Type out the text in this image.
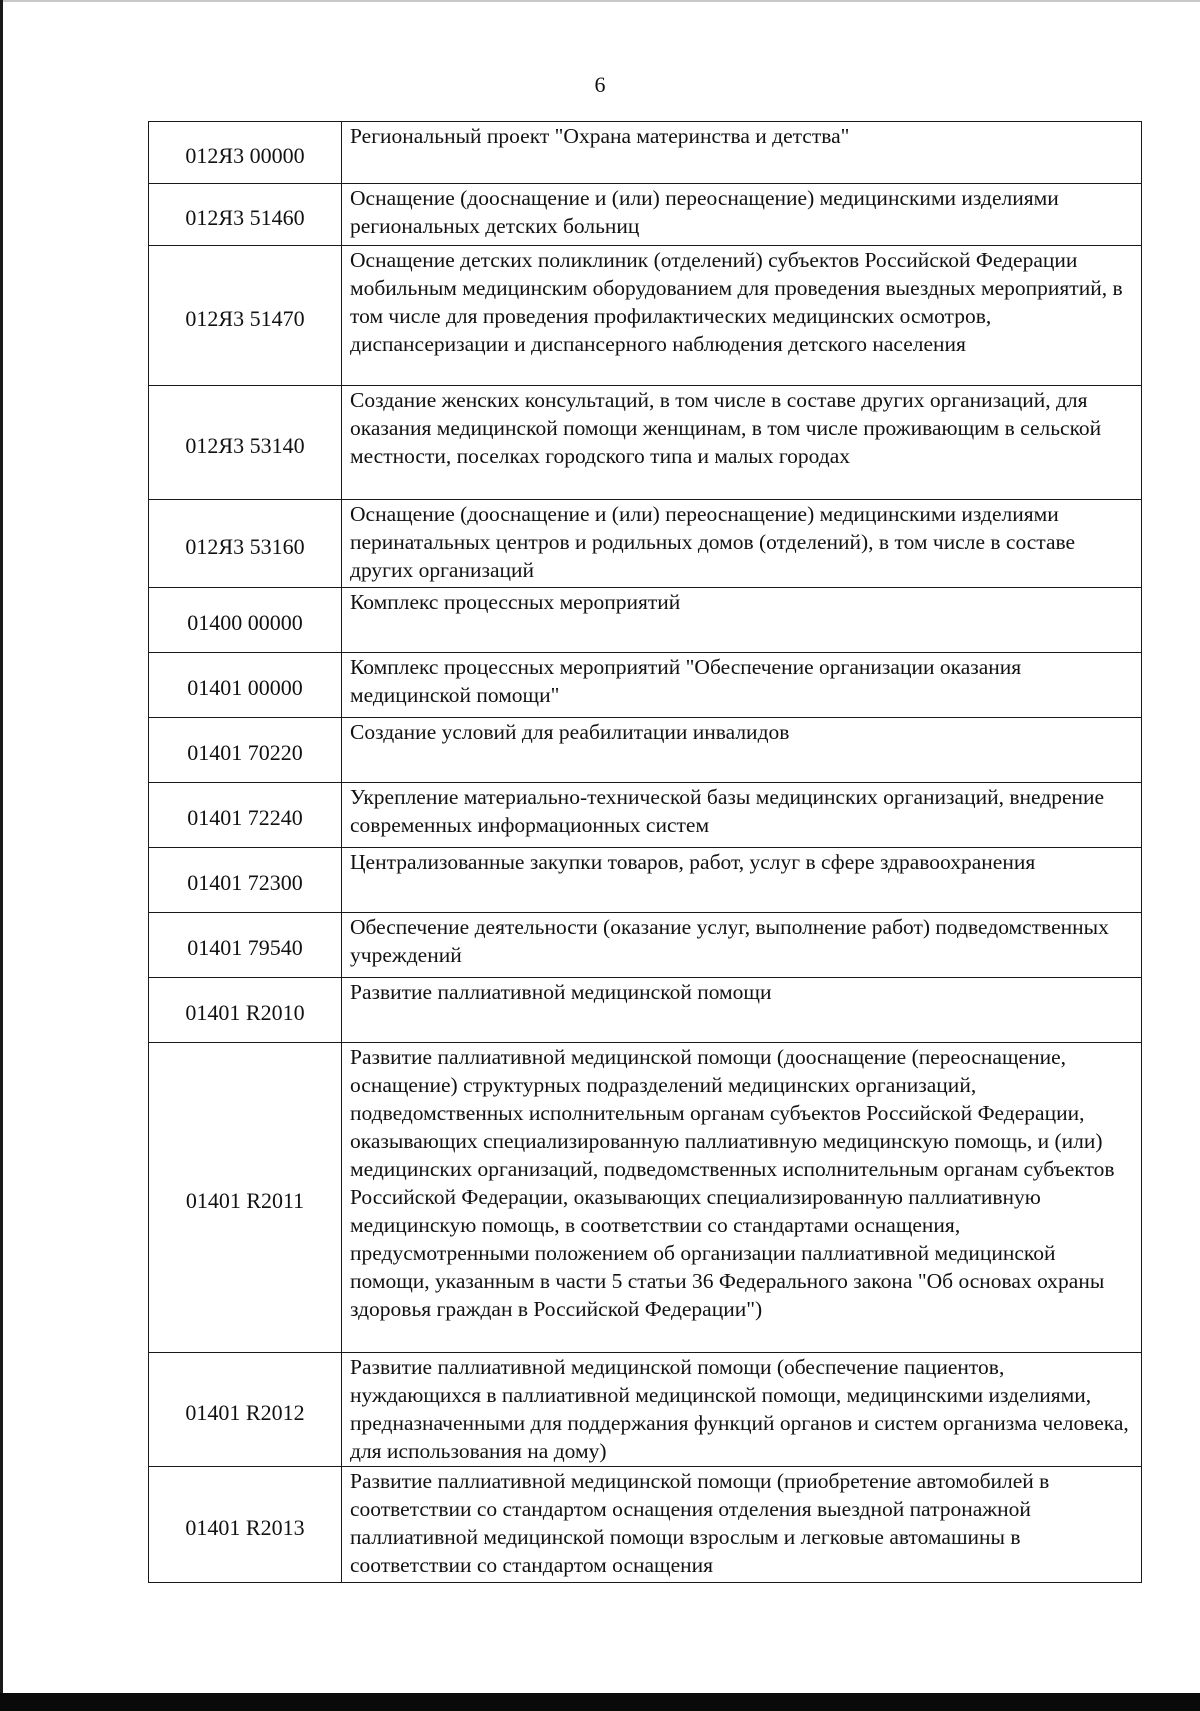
6
012Я3 00000	Региональный проект "Охрана материнства и детства"

012Я3 51460	Оснащение (дооснащение и (или) переоснащение) медицинскими изделиями региональных детских больниц

012Я3 51470	Оснащение детских поликлиник (отделений) субъектов Российской Федерации мобильным медицинским оборудованием для проведения выездных мероприятий, в том числе для проведения профилактических медицинских осмотров, диспансеризации и диспансерного наблюдения детского населения

012Я3 53140	Создание женских консультаций, в том числе в составе других организаций, для оказания медицинской помощи женщинам, в том числе проживающим в сельской местности, поселках городского типа и малых городах

012Я3 53160	Оснащение (дооснащение и (или) переоснащение) медицинскими изделиями перинатальных центров и родильных домов (отделений), в том числе в составе других организаций

01400 00000	Комплекс процессных мероприятий

01401 00000	Комплекс процессных мероприятий "Обеспечение организации оказания медицинской помощи"

01401 70220	Создание условий для реабилитации инвалидов

01401 72240	Укрепление материально-технической базы медицинских организаций, внедрение современных информационных систем

01401 72300	Централизованные закупки товаров, работ, услуг в сфере здравоохранения

01401 79540	Обеспечение деятельности (оказание услуг, выполнение работ) подведомственных учреждений

01401 R2010	Развитие паллиативной медицинской помощи

01401 R2011	Развитие паллиативной медицинской помощи (дооснащение (переоснащение, оснащение) структурных подразделений медицинских организаций, подведомственных исполнительным органам субъектов Российской Федерации, оказывающих специализированную паллиативную медицинскую помощь, и (или) медицинских организаций, подведомственных исполнительным органам субъектов Российской Федерации, оказывающих специализированную паллиативную медицинскую помощь, в соответствии со стандартами оснащения, предусмотренными положением об организации паллиативной медицинской помощи, указанным в части 5 статьи 36 Федерального закона "Об основах охраны здоровья граждан в Российской Федерации")

01401 R2012	Развитие паллиативной медицинской помощи (обеспечение пациентов, нуждающихся в паллиативной медицинской помощи, медицинскими изделиями, предназначенными для поддержания функций органов и систем организма человека, для использования на дому)

01401 R2013	Развитие паллиативной медицинской помощи (приобретение автомобилей в соответствии со стандартом оснащения отделения выездной патронажной паллиативной медицинской помощи взрослым и легковые автомашины в соответствии со стандартом оснащения
